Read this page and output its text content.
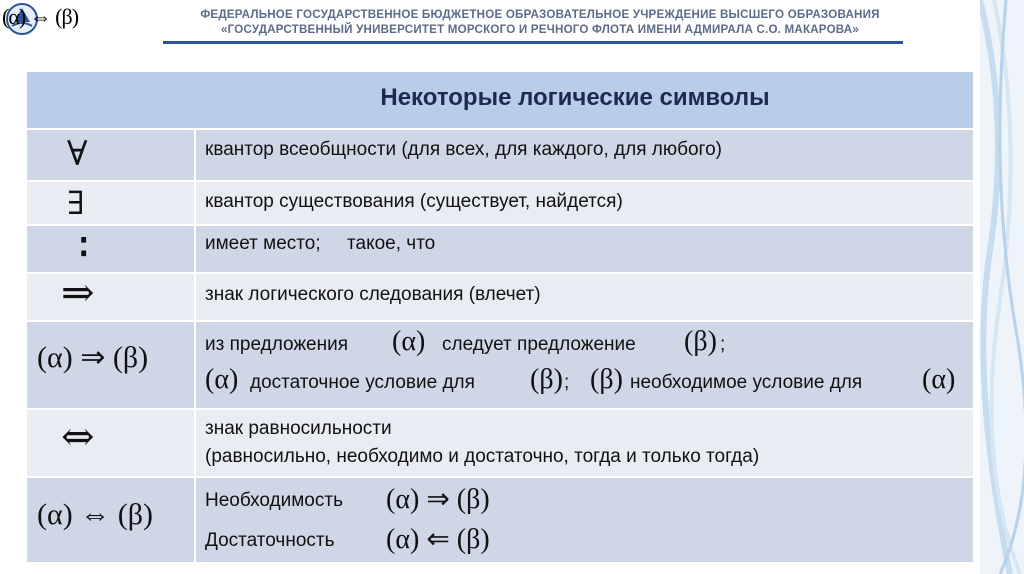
(α) ⇔ (β)	ФЕДЕРАЛЬНОЕ ГОСУДАРСТВЕННОЕ БЮДЖЕТНОЕ ОБРАЗОВАТЕЛЬНОЕ УЧРЕЖДЕНИЕ ВЫСШЕГО ОБРАЗОВАНИЯ
«ГОСУДАРСТВЕННЫЙ УНИВЕРСИТЕТ МОРСКОГО И РЕЧНОГО ФЛОТА ИМЕНИ АДМИРАЛА С.О. МАКАРОВА»
Некоторые логические символы
∀	квантор всеобщности (для всех, для каждого, для любого)
∃	квантор существования (существует, найдется)
∶	имеет место;     такое, что
⇒	знак логического следования (влечет)
(α) ⇒ (β)	из предложения (α) следует предложение (β) ;
(α) достаточное условие для (β) ; (β) необходимое условие для (α)
⇔	знак равносильности
(равносильно, необходимо и достаточно, тогда и только тогда)
(α) ⇔ (β)	Необходимость (α) ⇒ (β)
Достаточность (α) ⇐ (β)
